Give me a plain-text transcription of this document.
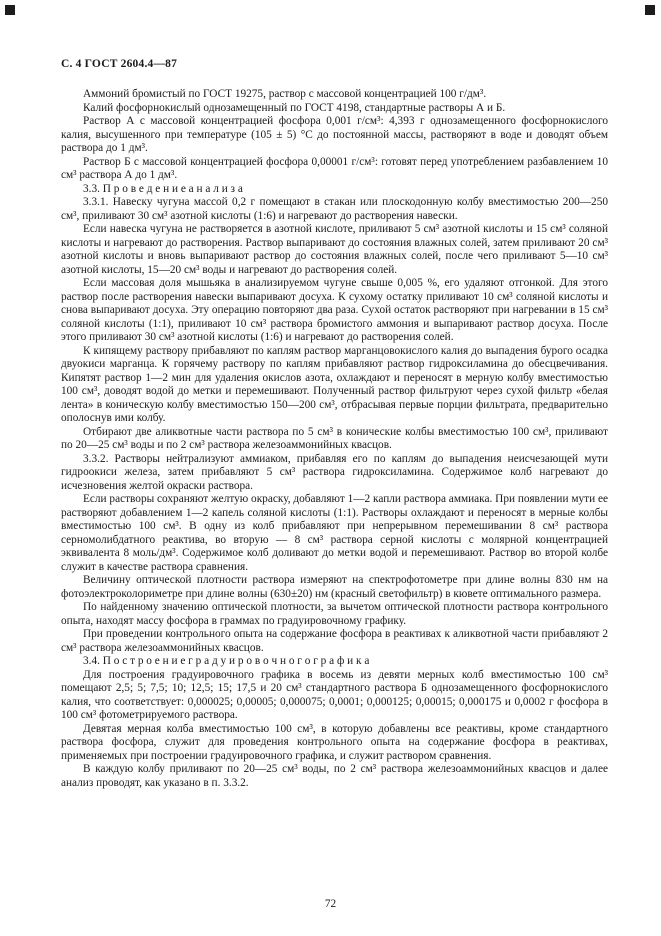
С. 4 ГОСТ 2604.4—87

Аммоний бромистый по ГОСТ 19275, раствор с массовой концентрацией 100 г/дм³.

Калий фосфорнокислый однозамещенный по ГОСТ 4198, стандартные растворы А и Б.

Раствор А с массовой концентрацией фосфора 0,001 г/см³: 4,393 г однозамещенного фосфорнокислого калия, высушенного при температуре (105 ± 5) °С до постоянной массы, растворяют в воде и доводят объем раствора до 1 дм³.

Раствор Б с массовой концентрацией фосфора 0,00001 г/см³: готовят перед употреблением разбавлением 10 см³ раствора А до 1 дм³.

3.3. П р о в е д е н и е а н а л и з а

3.3.1. Навеску чугуна массой 0,2 г помещают в стакан или плоскодонную колбу вместимостью 200—250 см³, приливают 30 см³ азотной кислоты (1:6) и нагревают до растворения навески.

Если навеска чугуна не растворяется в азотной кислоте, приливают 5 см³ азотной кислоты и 15 см³ соляной кислоты и нагревают до растворения. Раствор выпаривают до состояния влажных солей, затем приливают 20 см³ азотной кислоты и вновь выпаривают раствор до состояния влажных солей, после чего приливают 5—10 см³ азотной кислоты, 15—20 см³ воды и нагревают до растворения солей.

Если массовая доля мышьяка в анализируемом чугуне свыше 0,005 %, его удаляют отгонкой. Для этого раствор после растворения навески выпаривают досуха. К сухому остатку приливают 10 см³ соляной кислоты и снова выпаривают досуха. Эту операцию повторяют два раза. Сухой остаток растворяют при нагревании в 15 см³ соляной кислоты (1:1), приливают 10 см³ раствора бромистого аммония и выпаривают раствор досуха. После этого приливают 30 см³ азотной кислоты (1:6) и нагревают до растворения солей.

К кипящему раствору прибавляют по каплям раствор марганцовокислого калия до выпадения бурого осадка двуокиси марганца. К горячему раствору по каплям прибавляют раствор гидроксиламина до обесцвечивания. Кипятят раствор 1—2 мин для удаления окислов азота, охлаждают и переносят в мерную колбу вместимостью 100 см³, доводят водой до метки и перемешивают. Полученный раствор фильтруют через сухой фильтр «белая лента» в коническую колбу вместимостью 150—200 см³, отбрасывая первые порции фильтрата, предварительно ополоснув ими колбу.

Отбирают две аликвотные части раствора по 5 см³ в конические колбы вместимостью 100 см³, приливают по 20—25 см³ воды и по 2 см³ раствора железоаммонийных квасцов.

3.3.2. Растворы нейтрализуют аммиаком, прибавляя его по каплям до выпадения неисчезающей мути гидроокиси железа, затем прибавляют 5 см³ раствора гидроксиламина. Содержимое колб нагревают до исчезновения желтой окраски раствора.

Если растворы сохраняют желтую окраску, добавляют 1—2 капли раствора аммиака. При появлении мути ее растворяют добавлением 1—2 капель соляной кислоты (1:1). Растворы охлаждают и переносят в мерные колбы вместимостью 100 см³. В одну из колб прибавляют при непрерывном перемешивании 8 см³ раствора серномолибдатного реактива, во вторую — 8 см³ раствора серной кислоты с молярной концентрацией эквивалента 8 моль/дм³. Содержимое колб доливают до метки водой и перемешивают. Раствор во второй колбе служит в качестве раствора сравнения.

Величину оптической плотности раствора измеряют на спектрофотометре при длине волны 830 нм на фотоэлектроколориметре при длине волны (630±20) нм (красный светофильтр) в кювете оптимального размера.

По найденному значению оптической плотности, за вычетом оптической плотности раствора контрольного опыта, находят массу фосфора в граммах по градуировочному графику.

При проведении контрольного опыта на содержание фосфора в реактивах к аликвотной части прибавляют 2 см³ раствора железоаммонийных квасцов.

3.4. П о с т р о е н и е г р а д у и р о в о ч н о г о г р а ф и к а

Для построения градуировочного графика в восемь из девяти мерных колб вместимостью 100 см³ помещают 2,5; 5; 7,5; 10; 12,5; 15; 17,5 и 20 см³ стандартного раствора Б однозамещенного фосфорнокислого калия, что соответствует: 0,000025; 0,00005; 0,000075; 0,0001; 0,000125; 0,00015; 0,000175 и 0,0002 г фосфора в 100 см³ фотометрируемого раствора.

Девятая мерная колба вместимостью 100 см³, в которую добавлены все реактивы, кроме стандартного раствора фосфора, служит для проведения контрольного опыта на содержание фосфора в реактивах, применяемых при построении градуировочного графика, и служит раствором сравнения.

В каждую колбу приливают по 20—25 см³ воды, по 2 см³ раствора железоаммонийных квасцов и далее анализ проводят, как указано в п. 3.3.2.

72
